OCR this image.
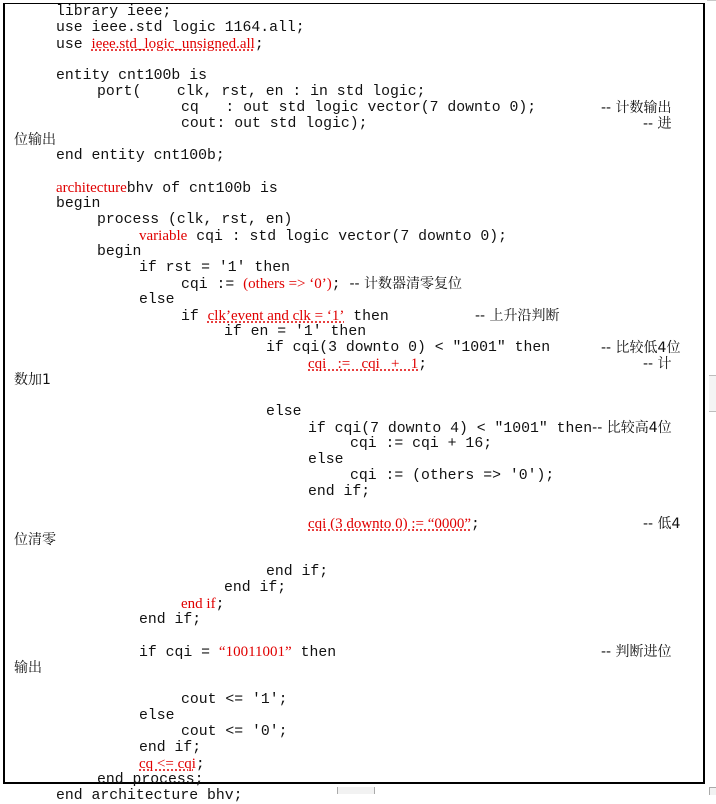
library ieee;
use ieee.std logic 1164.all;
use ieee.std_logic_unsigned.all;
entity cnt100b is
port(    clk, rst, en : in std logic;
cq   : out std logic vector(7 downto 0);	-- 计数输出
cout: out std logic);	-- 进
位输出
end entity cnt100b;
architecturebhv of cnt100b is
begin
process (clk, rst, en)
variable cqi : std logic vector(7 downto 0);
begin
if rst = '1' then
cqi := (others => ‘0’); -- 计数器清零复位
else
if clk’event and clk = ‘1’ then	-- 上升沿判断
if en = '1' then
if cqi(3 downto 0) < "1001" then	-- 比较低4位
cqi   :=   cqi   +   1;	-- 计
数加1
else
if cqi(7 downto 4) < "1001" then-- 比较高4位
cqi := cqi + 16;
else
cqi := (others => '0');
end if;
cqi (3 downto 0) := “0000”;	-- 低4
位清零
end if;
end if;
end if;
end if;
if cqi = “10011001” then	-- 判断进位
输出
cout <= '1';
else
cout <= '0';
end if;
cq <= cqi;
end process;
end architecture bhv;
